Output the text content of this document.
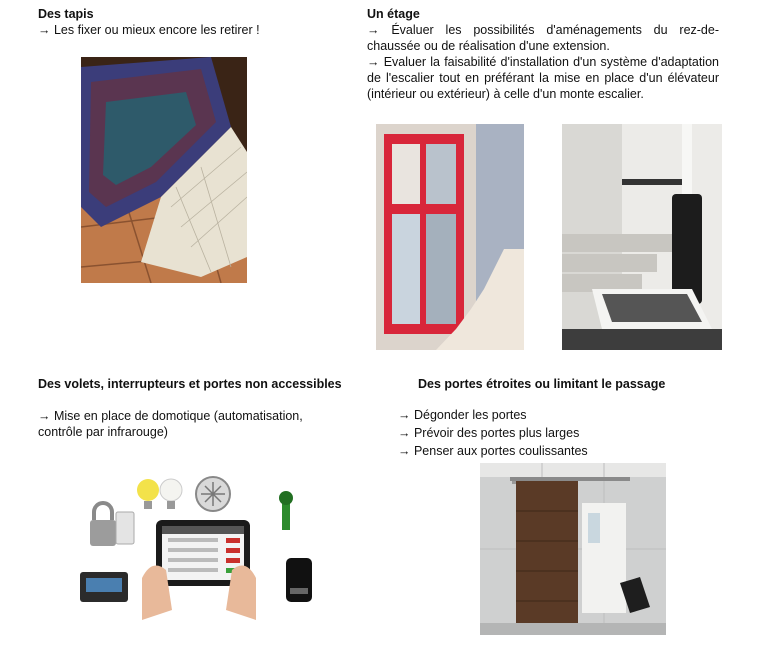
Des tapis
→ Les fixer ou mieux encore les retirer !
Un étage
→ Évaluer les possibilités d'aménagements du rez-de-chaussée ou de réalisation d'une extension.
→ Evaluer la faisabilité d'installation d'un système d'adaptation de l'escalier tout en préférant la mise en place d'un élévateur (intérieur ou extérieur) à celle d'un monte escalier.
Des volets, interrupteurs et portes non accessibles
→ Mise en place de domotique (automatisation, contrôle par infrarouge)
Des portes étroites ou limitant le passage
→ Dégonder les portes
→ Prévoir des portes plus larges
→ Penser aux portes coulissantes
